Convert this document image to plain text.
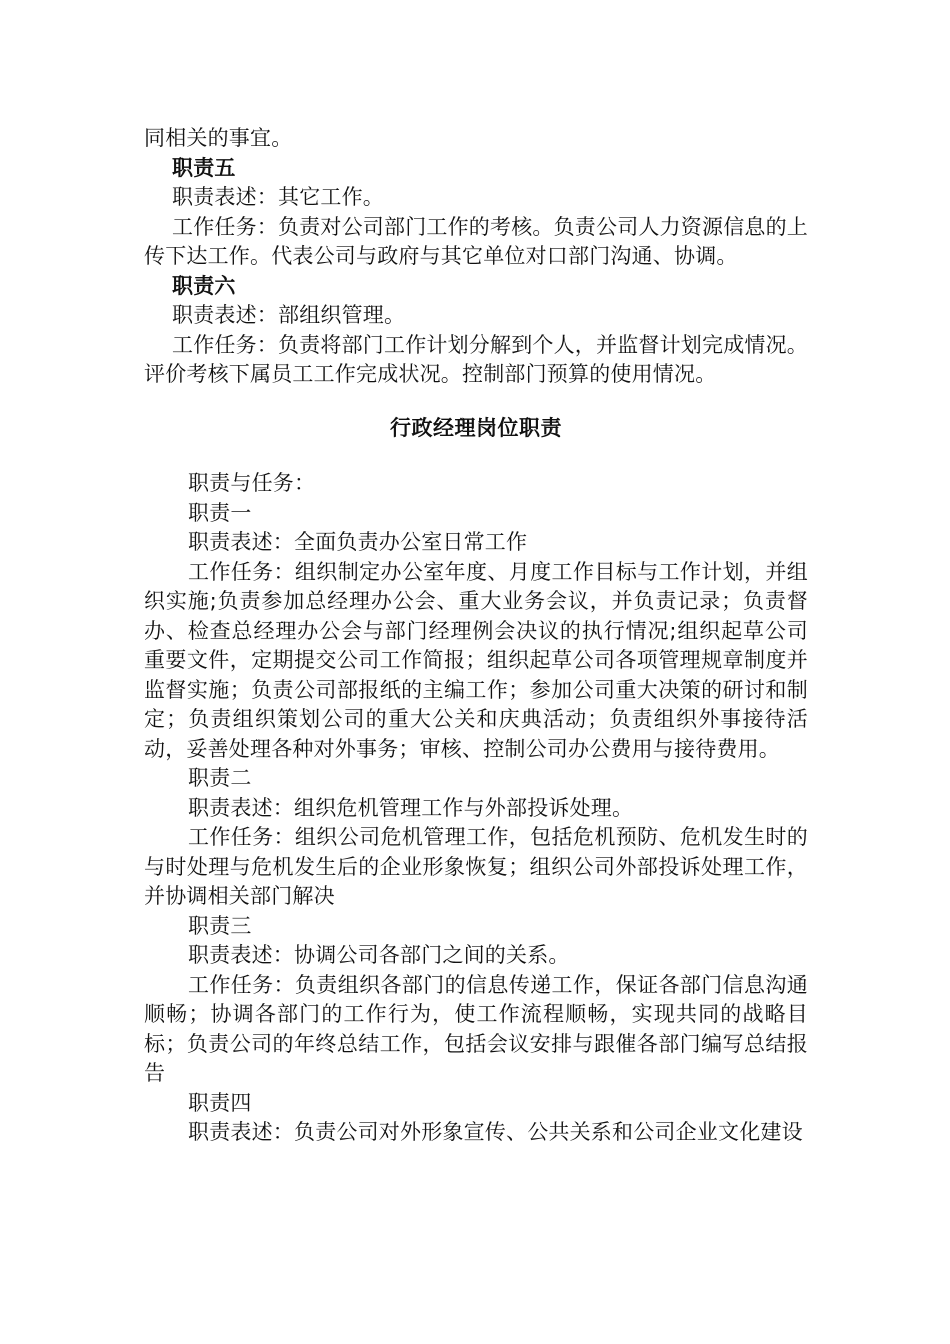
同相关的事宜。

职责五

职责表述：其它工作。

工作任务：负责对公司部门工作的考核。负责公司人力资源信息的上传下达工作。代表公司与政府与其它单位对口部门沟通、协调。

职责六

职责表述：部组织管理。

工作任务：负责将部门工作计划分解到个人，并监督计划完成情况。评价考核下属员工工作完成状况。控制部门预算的使用情况。

行政经理岗位职责

职责与任务：

职责一

职责表述：全面负责办公室日常工作

工作任务：组织制定办公室年度、月度工作目标与工作计划，并组织实施;负责参加总经理办公会、重大业务会议，并负责记录；负责督办、检查总经理办公会与部门经理例会决议的执行情况;组织起草公司重要文件，定期提交公司工作简报；组织起草公司各项管理规章制度并监督实施；负责公司部报纸的主编工作；参加公司重大决策的研讨和制定；负责组织策划公司的重大公关和庆典活动；负责组织外事接待活动，妥善处理各种对外事务；审核、控制公司办公费用与接待费用。

职责二

职责表述：组织危机管理工作与外部投诉处理。

工作任务：组织公司危机管理工作，包括危机预防、危机发生时的与时处理与危机发生后的企业形象恢复；组织公司外部投诉处理工作，并协调相关部门解决

职责三

职责表述：协调公司各部门之间的关系。

工作任务：负责组织各部门的信息传递工作，保证各部门信息沟通顺畅；协调各部门的工作行为，使工作流程顺畅，实现共同的战略目标；负责公司的年终总结工作，包括会议安排与跟催各部门编写总结报告

职责四

职责表述：负责公司对外形象宣传、公共关系和公司企业文化建设
